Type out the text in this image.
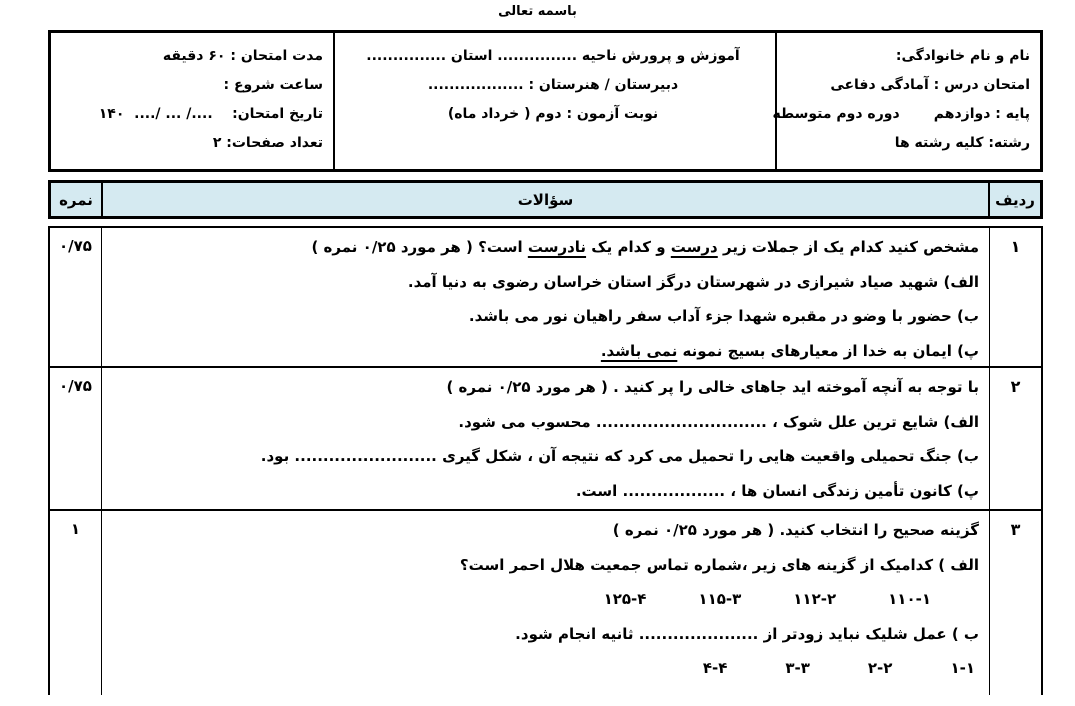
باسمه تعالی
نام و نام خانوادگی:
امتحان درس : آمادگی دفاعی
پایه : دوازدهم       دوره دوم متوسطه
رشته: کلیه رشته ها
آموزش و پرورش ناحیه ............... استان ...............
دبیرستان / هنرستان : ..................
نوبت آزمون : دوم ( خرداد ماه)
مدت امتحان : ۶۰ دقیقه
ساعت شروع :
تاریخ امتحان:    ..../ ... /....  ۱۴۰
تعداد صفحات: ۲
ردیف
سؤالات
نمره
۱
مشخص کنید کدام یک از جملات زیر درست و کدام یک نادرست است؟ ( هر مورد ۰/۲۵ نمره )
الف) شهید صیاد شیرازی در شهرستان درگز استان خراسان رضوی به دنیا آمد.
ب) حضور با وضو در مقبره شهدا جزء آداب سفر راهیان نور می باشد.
پ) ایمان به خدا از معیارهای بسیج نمونه نمی باشد.
۰/۷۵
۲
با توجه به آنچه آموخته اید جاهای خالی را پر کنید . ( هر مورد ۰/۲۵ نمره )
الف) شایع ترین علل شوک ، .............................. محسوب می شود.
ب) جنگ تحمیلی واقعیت هایی را تحمیل می کرد که نتیجه آن ، شکل گیری ......................... بود.
پ) کانون تأمین زندگی انسان ها ، .................. است.
۰/۷۵
۳
گزینه صحیح را انتخاب کنید. ( هر مورد ۰/۲۵ نمره )
الف ) کدامیک از گزینه های زیر ،شماره تماس جمعیت هلال احمر است؟
۱۱۰-۱
۱۱۲-۲
۱۱۵-۳
۱۲۵-۴
ب ) عمل شلیک نباید زودتر از ..................... ثانیه انجام شود.
۱-۱
۲-۲
۳-۳
۴-۴
۱
